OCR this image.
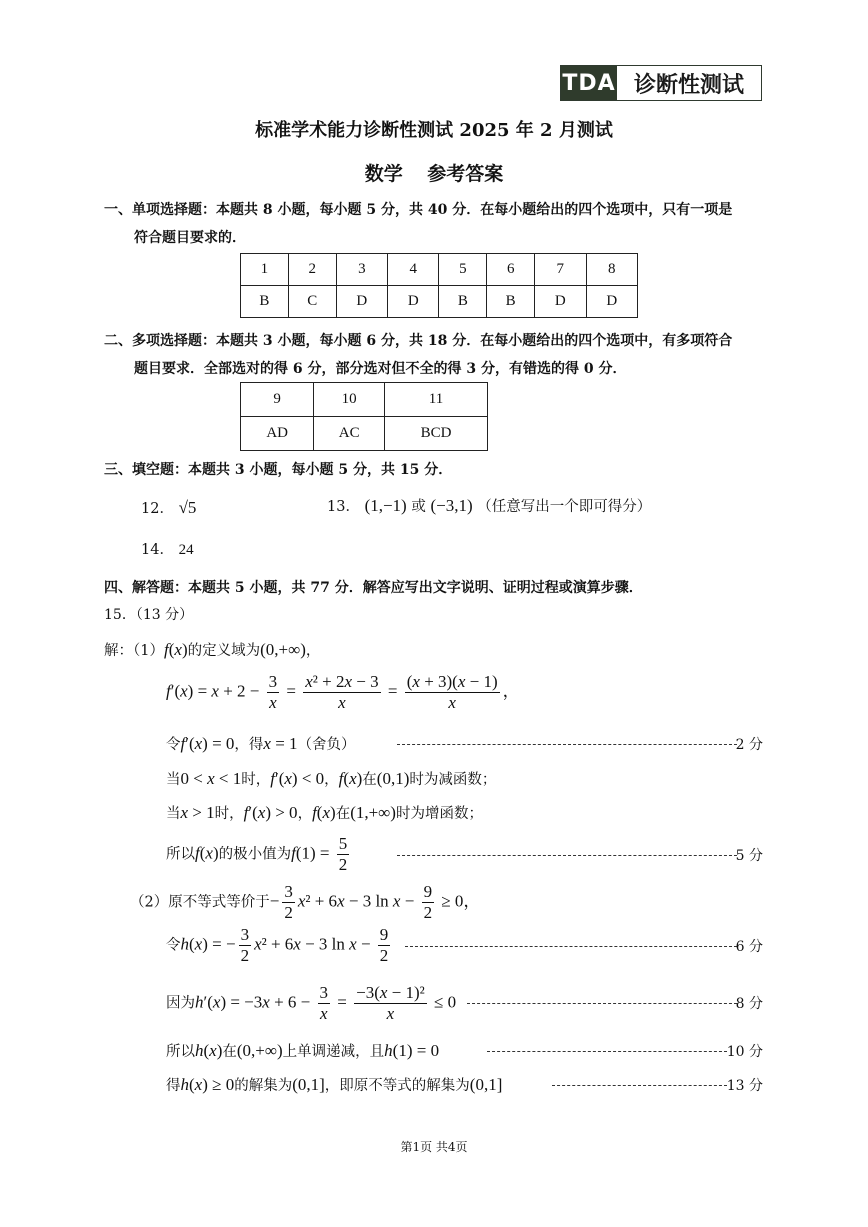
TDA 诊断性测试
标准学术能力诊断性测试 2025 年 2 月测试
数学 参考答案
一、单项选择题：本题共 8 小题，每小题 5 分，共 40 分．在每小题给出的四个选项中，只有一项是
符合题目要求的．
1	2	3	4	5	6	7	8
B	C	D	D	B	B	D	D
二、多项选择题：本题共 3 小题，每小题 6 分，共 18 分．在每小题给出的四个选项中，有多项符合
题目要求．全部选对的得 6 分，部分选对但不全的得 3 分，有错选的得 0 分．
9	10	11
AD	AC	BCD
三、填空题：本题共 3 小题，每小题 5 分，共 15 分．
12． √5	13． (1,−1) 或 (−3,1) （任意写出一个即可得分）
14． 24
四、解答题：本题共 5 小题，共 77 分．解答应写出文字说明、证明过程或演算步骤．
15．（13 分）
解：（1）f(x)的定义域为(0,+∞)，
$f'(x) = x + 2 - \frac{3}{x} = \frac{\text{x² + 2x − 3}}{x} = \frac{(x + 3)(x - 1)}{x}$ ，
令f′(x) = 0，得x = 1（舍负）	2 分
当0 < x < 1时，f′(x) < 0，f(x)在(0,1)时为减函数；
当x > 1时，f′(x) > 0，f(x)在(1,+∞)时为增函数；
所以f(x)的极小值为$f(1) = \frac{5}{2}$	5 分
（2）原不等式等价于− $\frac{3}{2} x^2 + 6x - 3$ $\ln x - \frac{9}{2} \ge 0$，
令h(x) = − $\frac{3}{2} x^2 + 6x - 3$ $\ln x - \frac{9}{2}$	6 分
因为$h'(x) = -3x + 6 - \frac{3}{x} = \frac{\text{−3(x − 1)²}}{x} \le 0$	8 分
所以h(x)在(0,+∞)上单调递减，且h(1) = 0	10 分
得h(x) ≥ 0的解集为(0,1]，即原不等式的解集为(0,1]	13 分
第1页 共4页
